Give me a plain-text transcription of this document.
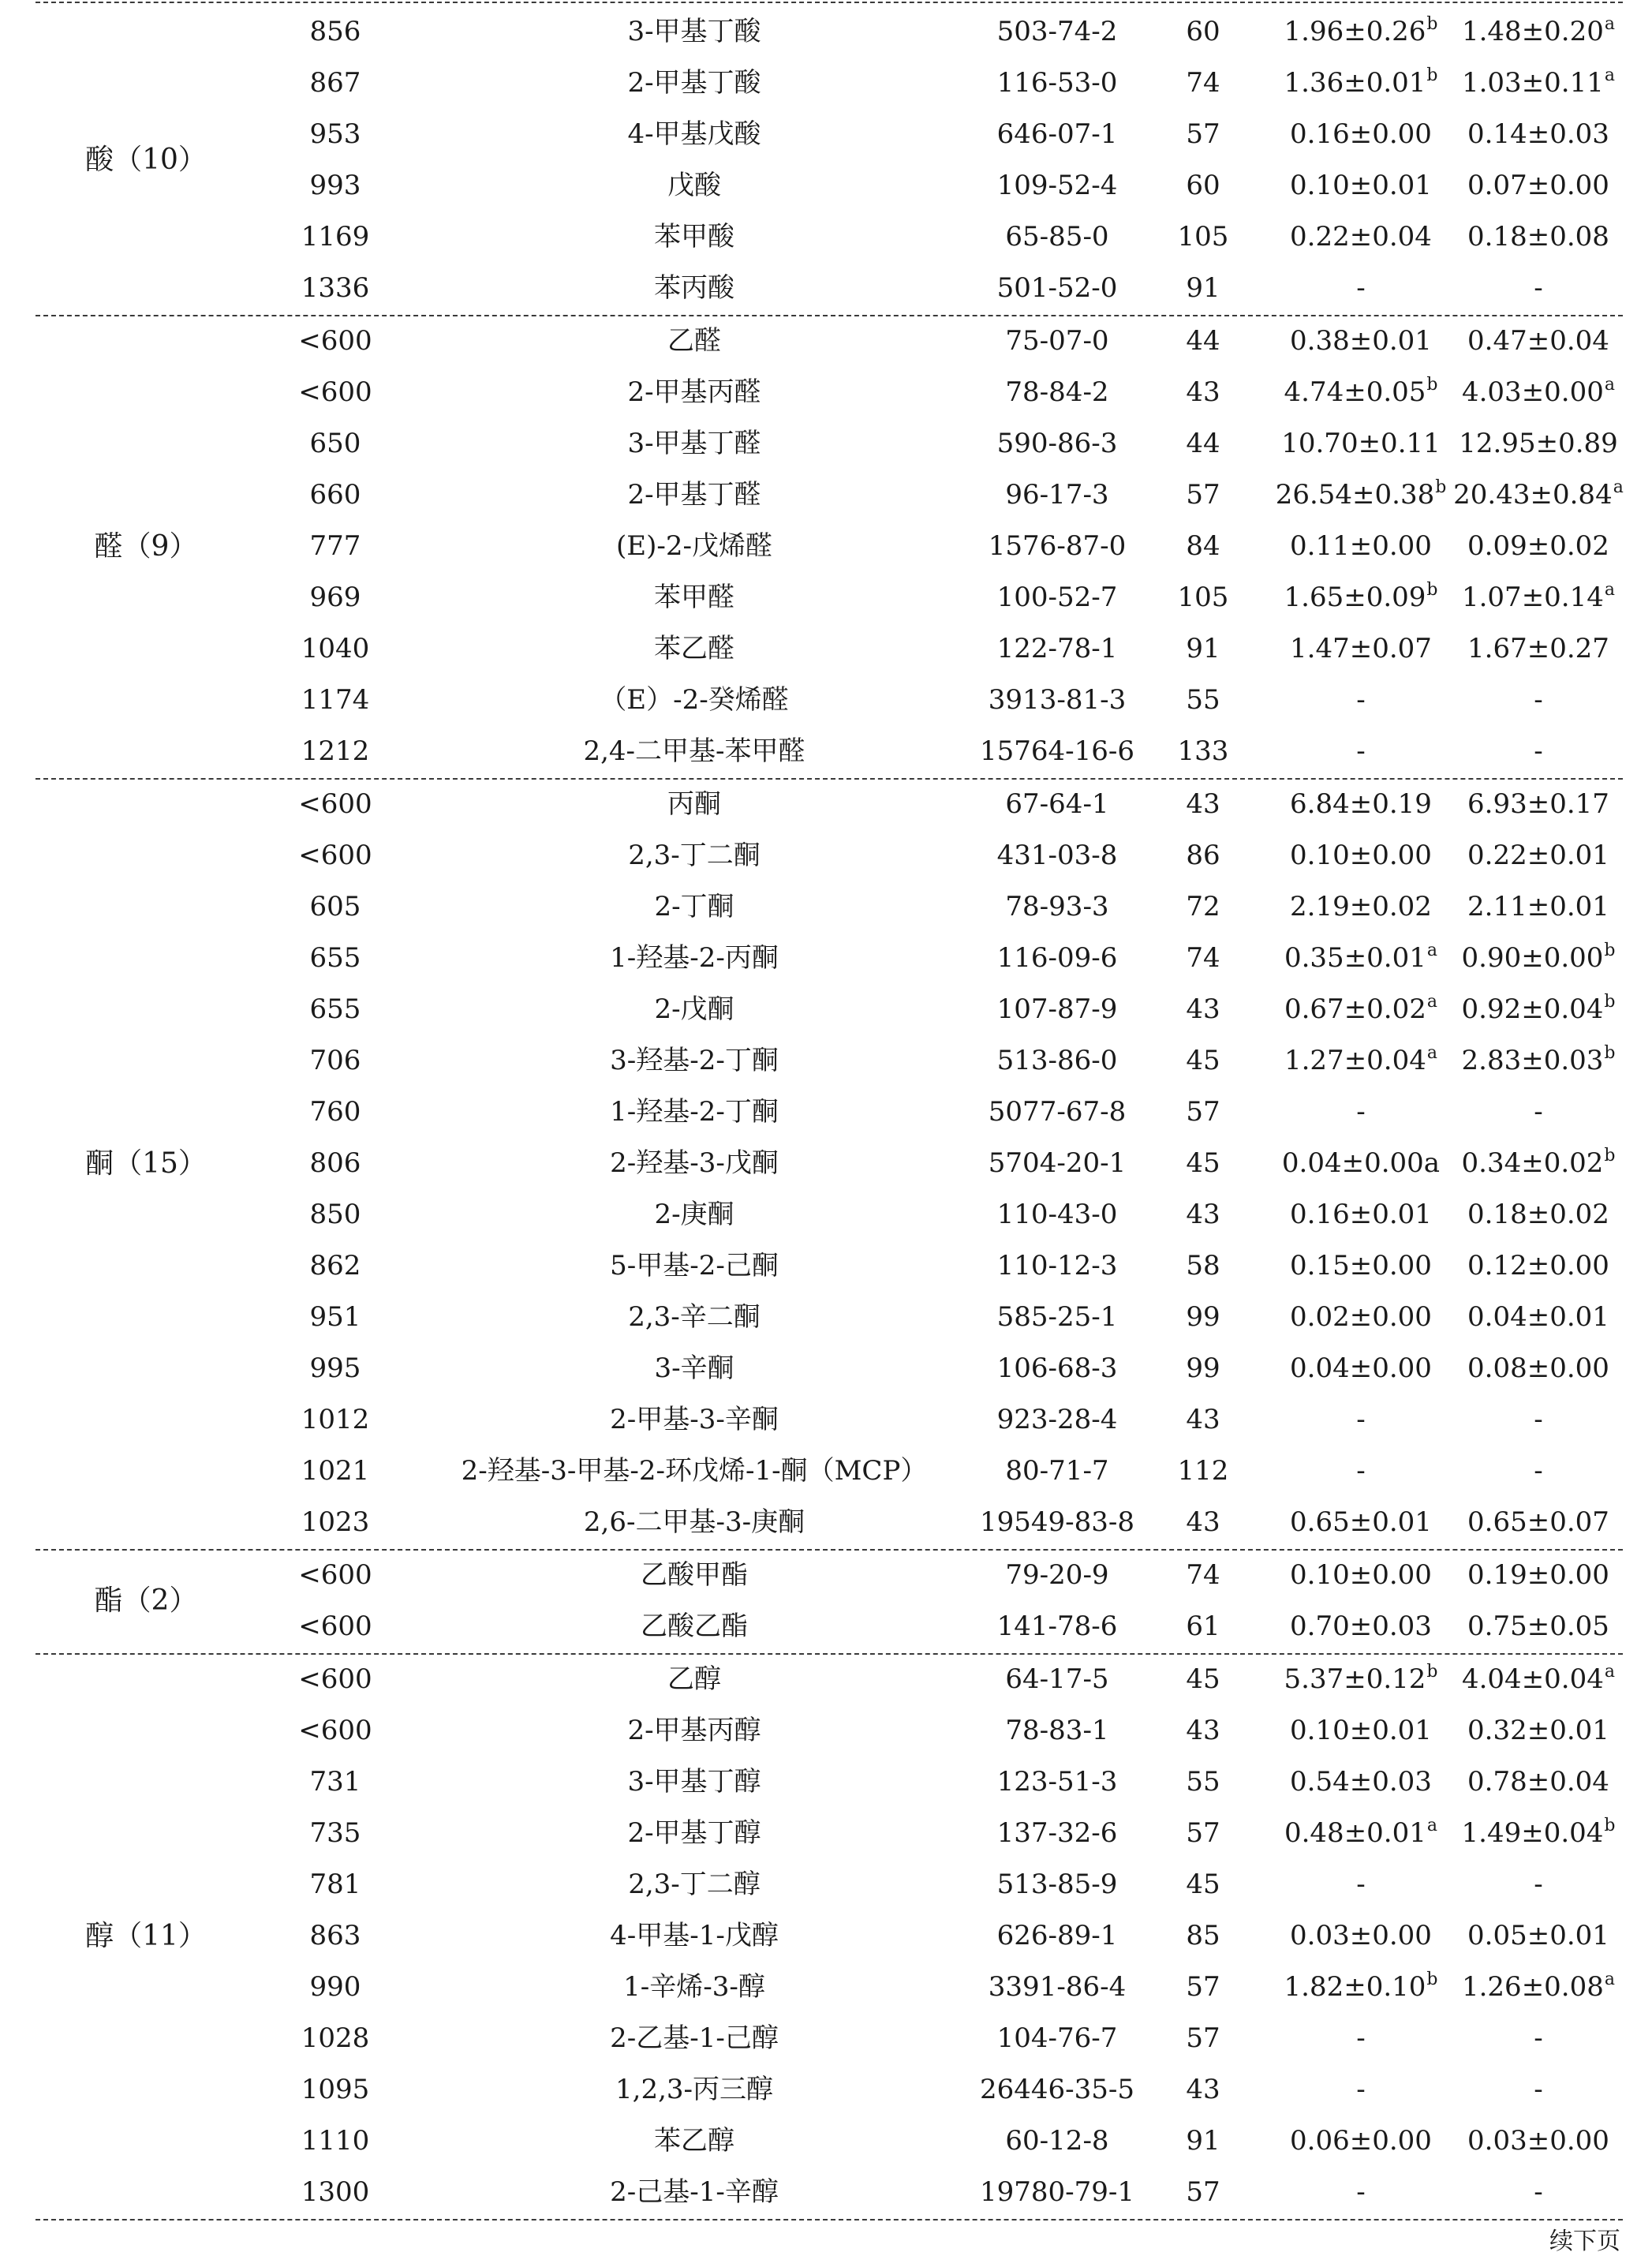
856	3-甲基丁酸	503-74-2	60	1.96±0.26$^b$ 1.48±0.20$^a$
867	2-甲基丁酸	116-53-0	74	1.36±0.01$^b$ 1.03±0.11$^a$
953	4-甲基戊酸	646-07-1	57	0.16±0.00	0.14±0.03
993	戊酸	109-52-4	60	0.10±0.01	0.07±0.00
1169	苯甲酸	65-85-0	105	0.22±0.04	0.18±0.08
1336	苯丙酸	501-52-0	91	-	-
酸（10）
<600	乙醛	75-07-0	44	0.38±0.01	0.47±0.04
<600	2-甲基丙醛	78-84-2	43	4.74±0.05$^b$ 4.03±0.00$^a$
650	3-甲基丁醛	590-86-3	44	10.70±0.11 12.95±0.89
660	2-甲基丁醛	96-17-3	57	26.54±0.38$^b$ 20.43±0.84$^a$
777	(E)-2-戊烯醛	1576-87-0	84	0.11±0.00	0.09±0.02
969	苯甲醛	100-52-7	105	1.65±0.09$^b$ 1.07±0.14$^a$
1040	苯乙醛	122-78-1	91	1.47±0.07	1.67±0.27
1174	（E）-2-癸烯醛	3913-81-3	55	-	-
1212	2,4-二甲基-苯甲醛	15764-16-6	133	-	-
醛（9）
<600	丙酮	67-64-1	43	6.84±0.19	6.93±0.17
<600	2,3-丁二酮	431-03-8	86	0.10±0.00	0.22±0.01
605	2-丁酮	78-93-3	72	2.19±0.02	2.11±0.01
655	1-羟基-2-丙酮	116-09-6	74	0.35±0.01$^a$ 0.90±0.00$^b$
655	2-戊酮	107-87-9	43	0.67±0.02$^a$ 0.92±0.04$^b$
706	3-羟基-2-丁酮	513-86-0	45	1.27±0.04$^a$ 2.83±0.03$^b$
760	1-羟基-2-丁酮	5077-67-8	57	-	-
806	2-羟基-3-戊酮	5704-20-1	45	0.04±0.00a 0.34±0.02$^b$
850	2-庚酮	110-43-0	43	0.16±0.01	0.18±0.02
862	5-甲基-2-己酮	110-12-3	58	0.15±0.00	0.12±0.00
951	2,3-辛二酮	585-25-1	99	0.02±0.00	0.04±0.01
995	3-辛酮	106-68-3	99	0.04±0.00	0.08±0.00
1012	2-甲基-3-辛酮	923-28-4	43	-	-
1021	2-羟基-3-甲基-2-环戊烯-1-酮（MCP）	80-71-7	112	-	-
1023	2,6-二甲基-3-庚酮	19549-83-8	43	0.65±0.01	0.65±0.07
酮（15）
<600	乙酸甲酯	79-20-9	74	0.10±0.00	0.19±0.00
<600	乙酸乙酯	141-78-6	61	0.70±0.03	0.75±0.05
酯（2）
<600	乙醇	64-17-5	45	5.37±0.12$^b$ 4.04±0.04$^a$
<600	2-甲基丙醇	78-83-1	43	0.10±0.01	0.32±0.01
731	3-甲基丁醇	123-51-3	55	0.54±0.03	0.78±0.04
735	2-甲基丁醇	137-32-6	57	0.48±0.01$^a$ 1.49±0.04$^b$
781	2,3-丁二醇	513-85-9	45	-	-
863	4-甲基-1-戊醇	626-89-1	85	0.03±0.00	0.05±0.01
990	1-辛烯-3-醇	3391-86-4	57	1.82±0.10$^b$ 1.26±0.08$^a$
1028	2-乙基-1-己醇	104-76-7	57	-	-
1095	1,2,3-丙三醇	26446-35-5	43	-	-
1110	苯乙醇	60-12-8	91	0.06±0.00	0.03±0.00
1300	2-己基-1-辛醇	19780-79-1	57	-	-
醇（11）
续下页
